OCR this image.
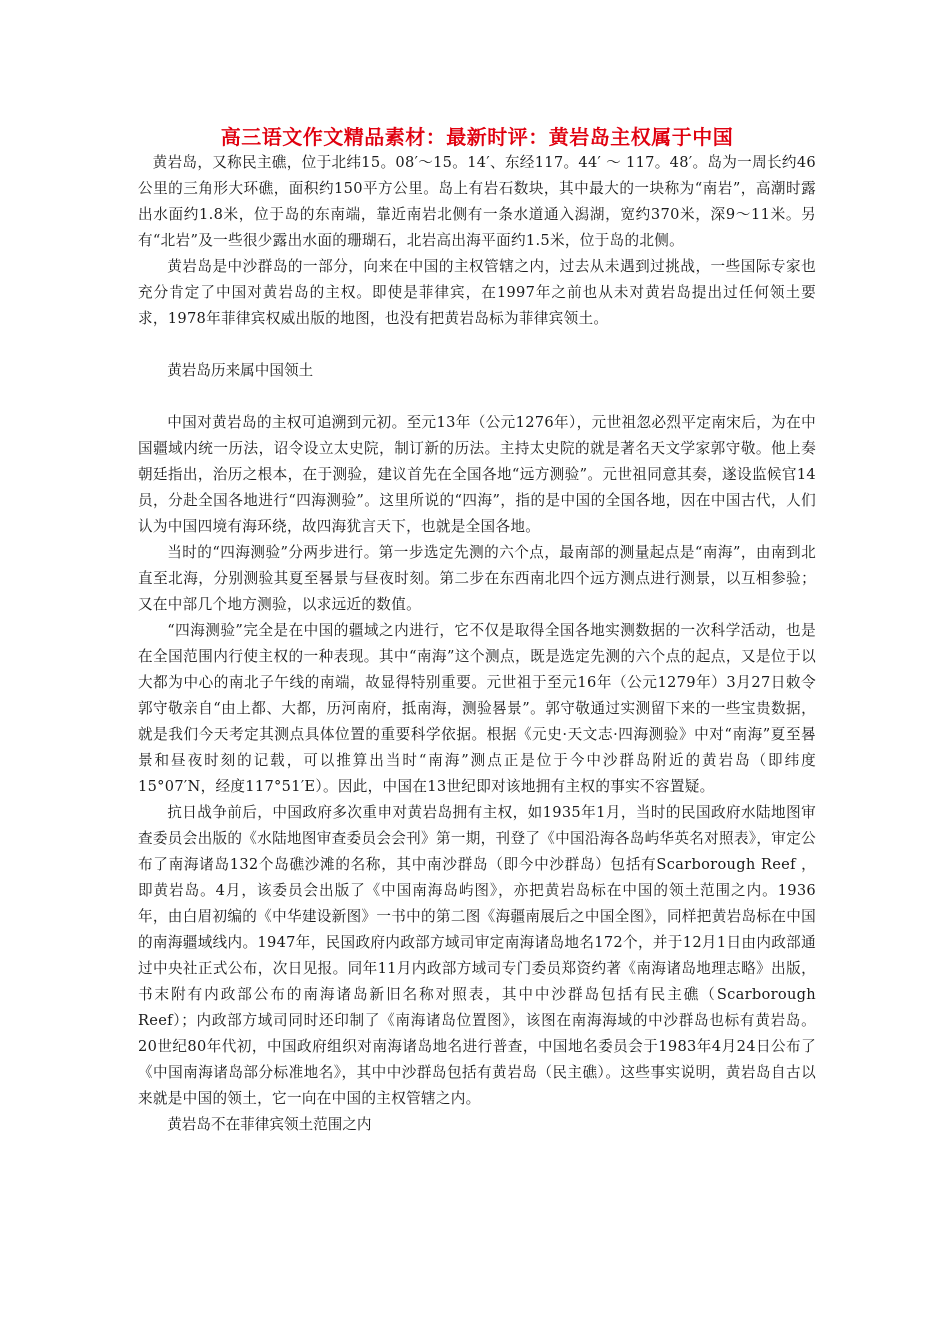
高三语文作文精品素材：最新时评：黄岩岛主权属于中国

黄岩岛，又称民主礁，位于北纬15。08′～15。14′、东经117。44′ ～ 117。48′。岛为一周长约46公里的三角形大环礁，面积约150平方公里。岛上有岩石数块，其中最大的一块称为“南岩”，高潮时露出水面约1.8米，位于岛的东南端，靠近南岩北侧有一条水道通入潟湖，宽约370米，深9～11米。另有“北岩”及一些很少露出水面的珊瑚石，北岩高出海平面约1.5米，位于岛的北侧。

黄岩岛是中沙群岛的一部分，向来在中国的主权管辖之内，过去从未遇到过挑战，一些国际专家也充分肯定了中国对黄岩岛的主权。即使是菲律宾，在1997年之前也从未对黄岩岛提出过任何领土要求，1978年菲律宾权威出版的地图，也没有把黄岩岛标为菲律宾领土。

黄岩岛历来属中国领土

中国对黄岩岛的主权可追溯到元初。至元13年（公元1276年），元世祖忽必烈平定南宋后，为在中国疆域内统一历法，诏令设立太史院，制订新的历法。主持太史院的就是著名天文学家郭守敬。他上奏朝廷指出，治历之根本，在于测验，建议首先在全国各地“远方测验”。元世祖同意其奏，遂设监候官14员，分赴全国各地进行“四海测验”。这里所说的“四海”，指的是中国的全国各地，因在中国古代，人们认为中国四境有海环绕，故四海犹言天下，也就是全国各地。

当时的“四海测验”分两步进行。第一步选定先测的六个点，最南部的测量起点是“南海”，由南到北直至北海，分别测验其夏至晷景与昼夜时刻。第二步在东西南北四个远方测点进行测景，以互相参验；又在中部几个地方测验，以求远近的数值。

“四海测验”完全是在中国的疆域之内进行，它不仅是取得全国各地实测数据的一次科学活动，也是在全国范围内行使主权的一种表现。其中“南海”这个测点，既是选定先测的六个点的起点，又是位于以大都为中心的南北子午线的南端，故显得特别重要。元世祖于至元16年（公元1279年）3月27日敕令郭守敬亲自“由上都、大都，历河南府，抵南海，测验晷景”。郭守敬通过实测留下来的一些宝贵数据，就是我们今天考定其测点具体位置的重要科学依据。根据《元史·天文志·四海测验》中对“南海”夏至晷景和昼夜时刻的记载，可以推算出当时“南海”测点正是位于今中沙群岛附近的黄岩岛（即纬度15°07′N，经度117°51′E）。因此，中国在13世纪即对该地拥有主权的事实不容置疑。

抗日战争前后，中国政府多次重申对黄岩岛拥有主权，如1935年1月，当时的民国政府水陆地图审查委员会出版的《水陆地图审查委员会会刊》第一期，刊登了《中国沿海各岛屿华英名对照表》，审定公布了南海诸岛132个岛礁沙滩的名称，其中南沙群岛（即今中沙群岛）包括有Scarborough Reef ，即黄岩岛。4月，该委员会出版了《中国南海岛屿图》，亦把黄岩岛标在中国的领土范围之内。1936年，由白眉初编的《中华建设新图》一书中的第二图《海疆南展后之中国全图》，同样把黄岩岛标在中国的南海疆域线内。1947年，民国政府内政部方域司审定南海诸岛地名172个，并于12月1日由内政部通过中央社正式公布，次日见报。同年11月内政部方域司专门委员郑资约著《南海诸岛地理志略》出版，书末附有内政部公布的南海诸岛新旧名称对照表，其中中沙群岛包括有民主礁（Scarborough Reef）；内政部方域司同时还印制了《南海诸岛位置图》，该图在南海海域的中沙群岛也标有黄岩岛。20世纪80年代初，中国政府组织对南海诸岛地名进行普查，中国地名委员会于1983年4月24日公布了《中国南海诸岛部分标准地名》，其中中沙群岛包括有黄岩岛（民主礁）。这些事实说明，黄岩岛自古以来就是中国的领土，它一向在中国的主权管辖之内。

黄岩岛不在菲律宾领土范围之内
